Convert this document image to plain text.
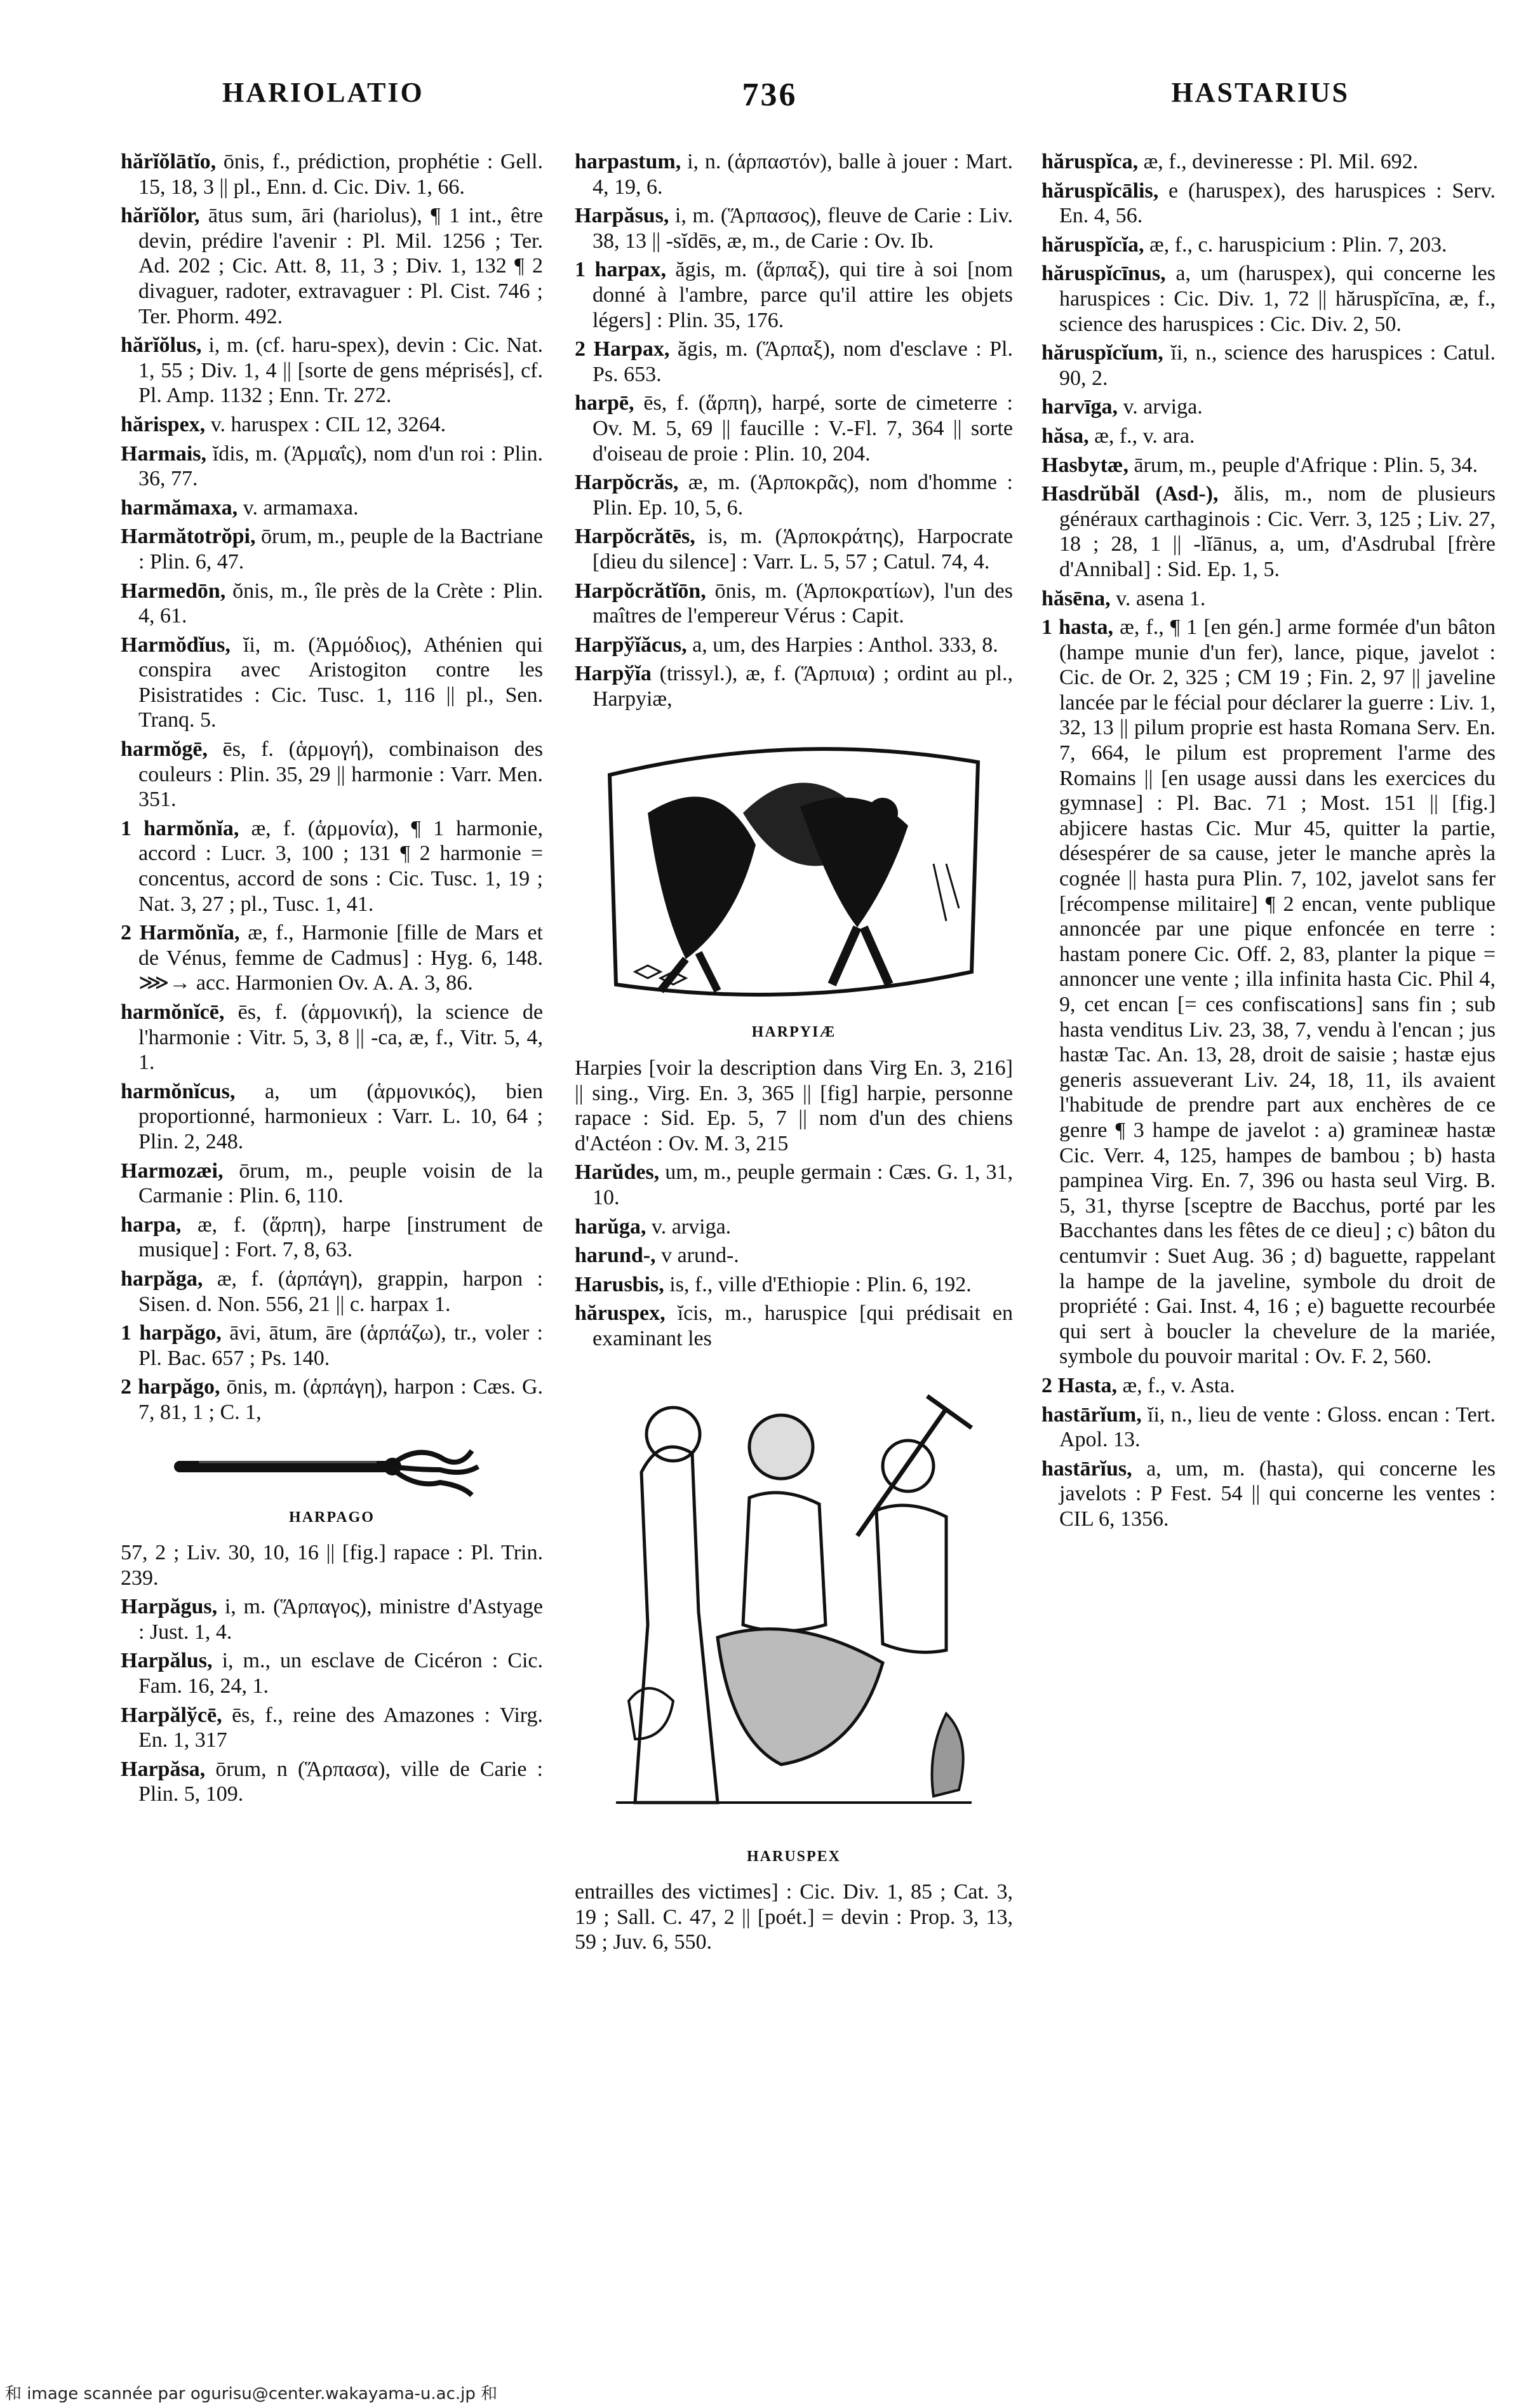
HARIOLATIO	736	HASTARIUS
hărĭŏlātĭo, ōnis, f., prédiction, prophétie : Gell. 15, 18, 3 || pl., Enn. d. Cic. Div. 1, 66.
hărĭŏlor, ātus sum, āri (hariolus), ¶ 1 int., être devin, prédire l'avenir : Pl. Mil. 1256 ; Ter. Ad. 202 ; Cic. Att. 8, 11, 3 ; Div. 1, 132 ¶ 2 divaguer, radoter, extravaguer : Pl. Cist. 746 ; Ter. Phorm. 492.
hărĭŏlus, i, m. (cf. haru-spex), devin : Cic. Nat. 1, 55 ; Div. 1, 4 || [sorte de gens méprisés], cf. Pl. Amp. 1132 ; Enn. Tr. 272.
hărispex, v. haruspex : CIL 12, 3264.
Harmais, ĭdis, m. (Ἁρμαΐς), nom d'un roi : Plin. 36, 77.
harmămaxa, v. armamaxa.
Harmătotrŏpi, ōrum, m., peuple de la Bactriane : Plin. 6, 47.
Harmedōn, ŏnis, m., île près de la Crète : Plin. 4, 61.
Harmŏdĭus, ĭi, m. (Ἁρμόδιος), Athénien qui conspira avec Aristogiton contre les Pisistratides : Cic. Tusc. 1, 116 || pl., Sen. Tranq. 5.
harmŏgē, ēs, f. (ἁρμογή), combinaison des couleurs : Plin. 35, 29 || harmonie : Varr. Men. 351.
1 harmŏnĭa, æ, f. (ἁρμονία), ¶ 1 harmonie, accord : Lucr. 3, 100 ; 131 ¶ 2 harmonie = concentus, accord de sons : Cic. Tusc. 1, 19 ; Nat. 3, 27 ; pl., Tusc. 1, 41.
2 Harmŏnĭa, æ, f., Harmonie [fille de Mars et de Vénus, femme de Cadmus] : Hyg. 6, 148. ⋙→ acc. Harmonien Ov. A. A. 3, 86.
harmŏnĭcē, ēs, f. (ἁρμονική), la science de l'harmonie : Vitr. 5, 3, 8 || -ca, æ, f., Vitr. 5, 4, 1.
harmŏnĭcus, a, um (ἁρμονικός), bien proportionné, harmonieux : Varr. L. 10, 64 ; Plin. 2, 248.
Harmozæi, ōrum, m., peuple voisin de la Carmanie : Plin. 6, 110.
harpa, æ, f. (ἅρπη), harpe [instrument de musique] : Fort. 7, 8, 63.
harpăga, æ, f. (ἁρπάγη), grappin, harpon : Sisen. d. Non. 556, 21 || c. harpax 1.
1 harpăgo, āvi, ātum, āre (ἁρπάζω), tr., voler : Pl. Bac. 657 ; Ps. 140.
2 harpăgo, ōnis, m. (ἁρπάγη), harpon : Cæs. G. 7, 81, 1 ; C. 1,
HARPAGO
57, 2 ; Liv. 30, 10, 16 || [fig.] rapace : Pl. Trin. 239.
Harpăgus, i, m. (Ἅρπαγος), ministre d'Astyage : Just. 1, 4.
Harpălus, i, m., un esclave de Cicéron : Cic. Fam. 16, 24, 1.
Harpălўcē, ēs, f., reine des Amazones : Virg. En. 1, 317
Harpăsa, ōrum, n (Ἅρπασα), ville de Carie : Plin. 5, 109.
harpastum, i, n. (ἁρπαστόν), balle à jouer : Mart. 4, 19, 6.
Harpăsus, i, m. (Ἅρπασος), fleuve de Carie : Liv. 38, 13 || -sĭdēs, æ, m., de Carie : Ov. Ib.
1 harpax, ăgis, m. (ἅρπαξ), qui tire à soi [nom donné à l'ambre, parce qu'il attire les objets légers] : Plin. 35, 176.
2 Harpax, ăgis, m. (Ἅρπαξ), nom d'esclave : Pl. Ps. 653.
harpē, ēs, f. (ἅρπη), harpé, sorte de cimeterre : Ov. M. 5, 69 || faucille : V.-Fl. 7, 364 || sorte d'oiseau de proie : Plin. 10, 204.
Harpŏcrăs, æ, m. (Ἁρποκρᾶς), nom d'homme : Plin. Ep. 10, 5, 6.
Harpŏcrătēs, is, m. (Ἁρποκράτης), Harpocrate [dieu du silence] : Varr. L. 5, 57 ; Catul. 74, 4.
Harpŏcrătĭōn, ōnis, m. (Ἁρποκρατίων), l'un des maîtres de l'empereur Vérus : Capit.
Harpўĭăcus, a, um, des Harpies : Anthol. 333, 8.
Harpўĭa (trissyl.), æ, f. (Ἅρπυια) ; ordint au pl., Harpyiæ,
HARPYIÆ
Harpies [voir la description dans Virg En. 3, 216] || sing., Virg. En. 3, 365 || [fig] harpie, personne rapace : Sid. Ep. 5, 7 || nom d'un des chiens d'Actéon : Ov. M. 3, 215
Harŭdes, um, m., peuple germain : Cæs. G. 1, 31, 10.
harŭga, v. arviga.
harund-, v arund-.
Harusbis, is, f., ville d'Ethiopie : Plin. 6, 192.
hăruspex, ĭcis, m., haruspice [qui prédisait en examinant les
HARUSPEX
entrailles des victimes] : Cic. Div. 1, 85 ; Cat. 3, 19 ; Sall. C. 47, 2 || [poét.] = devin : Prop. 3, 13, 59 ; Juv. 6, 550.
hăruspĭca, æ, f., devineresse : Pl. Mil. 692.
hăruspĭcālis, e (haruspex), des haruspices : Serv. En. 4, 56.
hăruspĭcĭa, æ, f., c. haruspicium : Plin. 7, 203.
hăruspĭcīnus, a, um (haruspex), qui concerne les haruspices : Cic. Div. 1, 72 || hăruspĭcīna, æ, f., science des haruspices : Cic. Div. 2, 50.
hăruspĭcĭum, ĭi, n., science des haruspices : Catul. 90, 2.
harvīga, v. arviga.
hăsa, æ, f., v. ara.
Hasbytæ, ārum, m., peuple d'Afrique : Plin. 5, 34.
Hasdrŭbăl (Asd-), ălis, m., nom de plusieurs généraux carthaginois : Cic. Verr. 3, 125 ; Liv. 27, 18 ; 28, 1 || -lĭānus, a, um, d'Asdrubal [frère d'Annibal] : Sid. Ep. 1, 5.
hăsēna, v. asena 1.
1 hasta, æ, f., ¶ 1 [en gén.] arme formée d'un bâton (hampe munie d'un fer), lance, pique, javelot : Cic. de Or. 2, 325 ; CM 19 ; Fin. 2, 97 || javeline lancée par le fécial pour déclarer la guerre : Liv. 1, 32, 13 || pilum proprie est hasta Romana Serv. En. 7, 664, le pilum est proprement l'arme des Romains || [en usage aussi dans les exercices du gymnase] : Pl. Bac. 71 ; Most. 151 || [fig.] abjicere hastas Cic. Mur 45, quitter la partie, désespérer de sa cause, jeter le manche après la cognée || hasta pura Plin. 7, 102, javelot sans fer [récompense militaire] ¶ 2 encan, vente publique annoncée par une pique enfoncée en terre : hastam ponere Cic. Off. 2, 83, planter la pique = annoncer une vente ; illa infinita hasta Cic. Phil 4, 9, cet encan [= ces confiscations] sans fin ; sub hasta venditus Liv. 23, 38, 7, vendu à l'encan ; jus hastæ Tac. An. 13, 28, droit de saisie ; hastæ ejus generis assueverant Liv. 24, 18, 11, ils avaient l'habitude de prendre part aux enchères de ce genre ¶ 3 hampe de javelot : a) gramineæ hastæ Cic. Verr. 4, 125, hampes de bambou ; b) hasta pampinea Virg. En. 7, 396 ou hasta seul Virg. B. 5, 31, thyrse [sceptre de Bacchus, porté par les Bacchantes dans les fêtes de ce dieu] ; c) bâton du centumvir : Suet Aug. 36 ; d) baguette, rappelant la hampe de la javeline, symbole du droit de propriété : Gai. Inst. 4, 16 ; e) baguette recourbée qui sert à boucler la chevelure de la mariée, symbole du pouvoir marital : Ov. F. 2, 560.
2 Hasta, æ, f., v. Asta.
hastārĭum, ĭi, n., lieu de vente : Gloss. encan : Tert. Apol. 13.
hastārĭus, a, um, m. (hasta), qui concerne les javelots : P Fest. 54 || qui concerne les ventes : CIL 6, 1356.
和 image scannée par ogurisu@center.wakayama-u.ac.jp 和
